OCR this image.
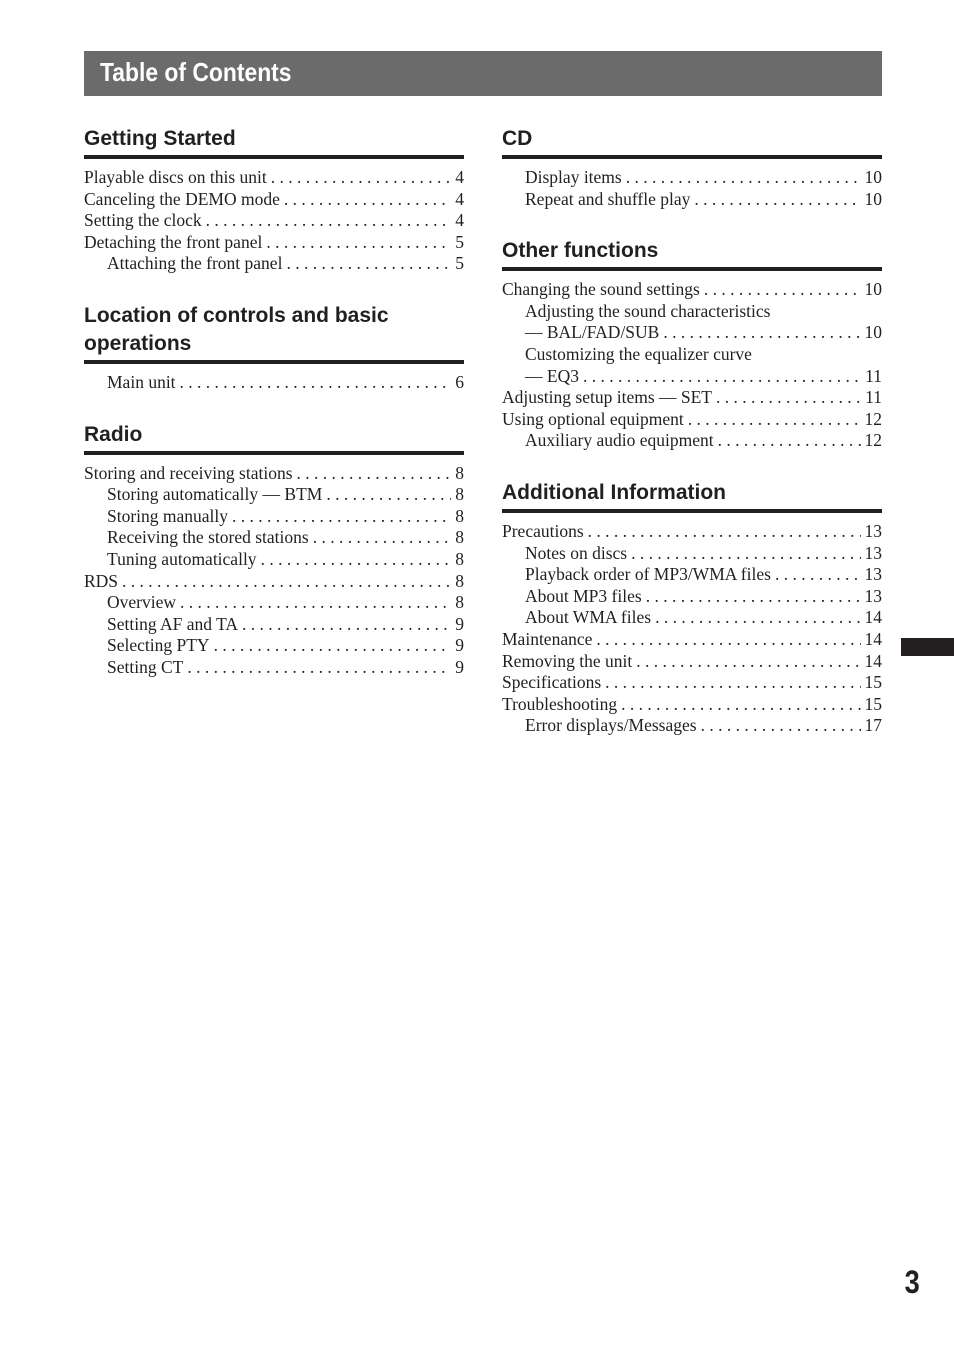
Table of Contents
Getting Started
Playable discs on this unit . . .	4
Canceling the DEMO mode . . .	4
Setting the clock . . .	4
Detaching the front panel . . .	5
Attaching the front panel . . .	5
Location of controls and basic operations
Main unit . . .	6
Radio
Storing and receiving stations . . .	8
Storing automatically — BTM . . .	8
Storing manually . . .	8
Receiving the stored stations . . .	8
Tuning automatically . . .	8
RDS . . .	8
Overview . . .	8
Setting AF and TA . . .	9
Selecting PTY . . .	9
Setting CT . . .	9
CD
Display items . . .	10
Repeat and shuffle play . . .	10
Other functions
Changing the sound settings . . .	10
Adjusting the sound characteristics
— BAL/FAD/SUB . . .	10
Customizing the equalizer curve
— EQ3 . . .	11
Adjusting setup items — SET . . .	11
Using optional equipment . . .	12
Auxiliary audio equipment . . .	12
Additional Information
Precautions . . .	13
Notes on discs . . .	13
Playback order of MP3/WMA files . . .	13
About MP3 files . . .	13
About WMA files . . .	14
Maintenance . . .	14
Removing the unit . . .	14
Specifications . . .	15
Troubleshooting . . .	15
Error displays/Messages . . .	17
3
